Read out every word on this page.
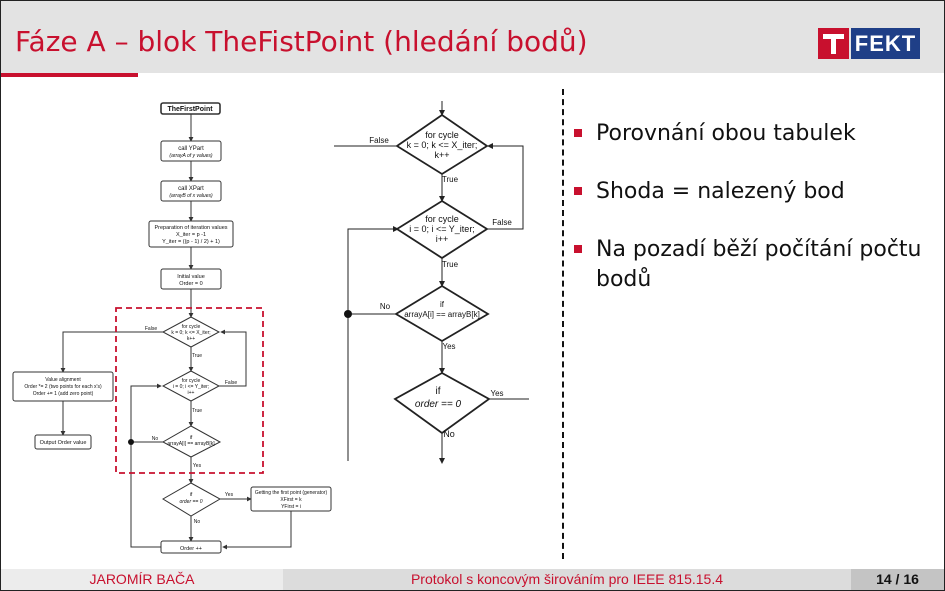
Fáze A – blok TheFistPoint (hledání bodů)	FEKT
TheFirstPoint
call YPart
(arrayA of y values)
call XPart
(arrayB of x values)
Preparation of iteration values
X_iter = p -1
Y_iter = ((p - 1) / 2) + 1)
Initial value
Order = 0
for cycle
k = 0; k <= X_iter;
k++
for cycle
i = 0; i <= Y_iter;
i++
if
arrayA[i] == arrayB[k]
if
order == 0
Value alignment
Order *= 2 (two points for each x's)
Order += 1 (add zero point)
Output Order value
Getting the first point (generator)
XFirst = k
YFirst = i
Order ++
False
False
True
True
No
Yes
Yes
No
for cycle
k = 0; k <= X_iter;
k++
for cycle
i = 0; i <= Y_iter;
i++
if
arrayA[i] == arrayB[k]
if
order == 0
False
False
True
True
No
Yes
Yes
No
Porovnání obou tabulek
Shoda = nalezený bod
Na pozadí běží počítání počtu bodů
JAROMÍR BAČA	Protokol s koncovým širováním pro IEEE 815.15.4	14 / 16
